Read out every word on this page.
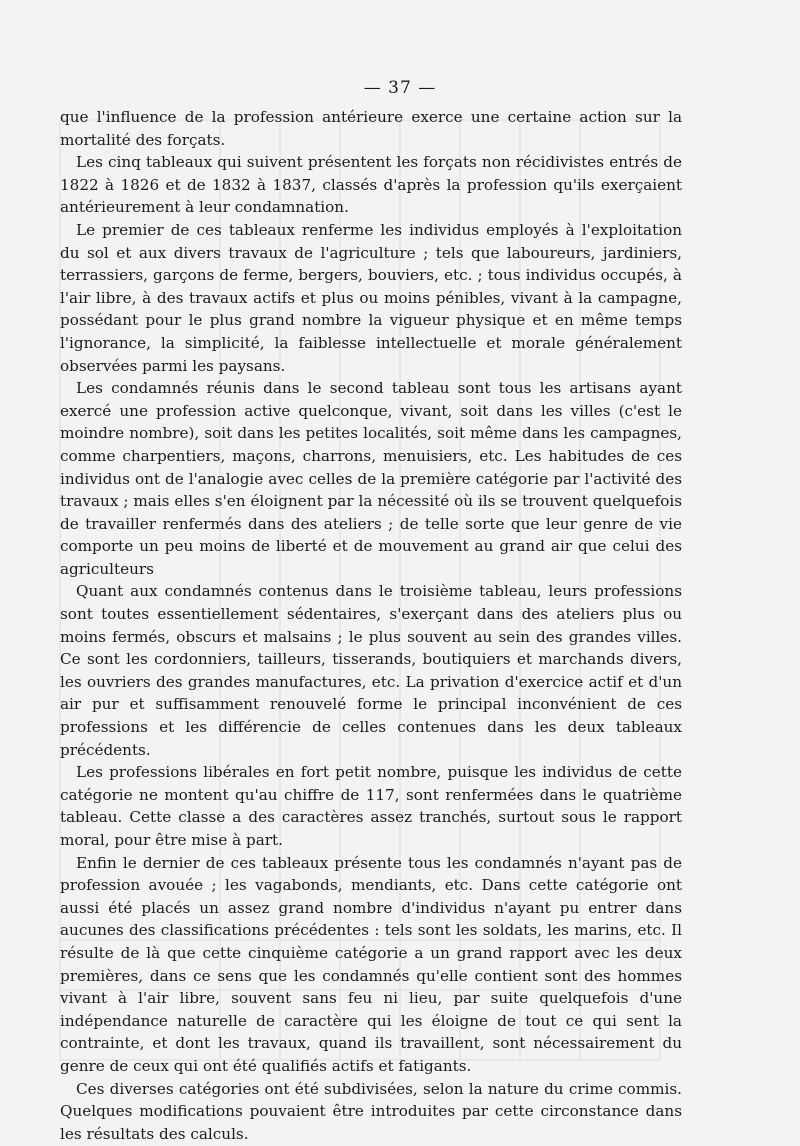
— 37 —

que l'influence de la profession antérieure exerce une certaine action sur la mortalité des forçats.

Les cinq tableaux qui suivent présentent les forçats non récidivistes entrés de 1822 à 1826 et de 1832 à 1837, classés d'après la profession qu'ils exerçaient antérieurement à leur condamnation.

Le premier de ces tableaux renferme les individus employés à l'exploitation du sol et aux divers travaux de l'agriculture ; tels que laboureurs, jardiniers, terrassiers, garçons de ferme, bergers, bouviers, etc. ; tous individus occupés, à l'air libre, à des travaux actifs et plus ou moins pénibles, vivant à la campagne, possédant pour le plus grand nombre la vigueur physique et en même temps l'ignorance, la simplicité, la faiblesse intellectuelle et morale généralement observées parmi les paysans.

Les condamnés réunis dans le second tableau sont tous les artisans ayant exercé une profession active quelconque, vivant, soit dans les villes (c'est le moindre nombre), soit dans les petites localités, soit même dans les campagnes, comme charpentiers, maçons, charrons, menuisiers, etc. Les habitudes de ces individus ont de l'analogie avec celles de la première catégorie par l'activité des travaux ; mais elles s'en éloignent par la nécessité où ils se trouvent quelquefois de travailler renfermés dans des ateliers ; de telle sorte que leur genre de vie comporte un peu moins de liberté et de mouvement au grand air que celui des agriculteurs

Quant aux condamnés contenus dans le troisième tableau, leurs professions sont toutes essentiellement sédentaires, s'exerçant dans des ateliers plus ou moins fermés, obscurs et malsains ; le plus souvent au sein des grandes villes. Ce sont les cordonniers, tailleurs, tisserands, boutiquiers et marchands divers, les ouvriers des grandes manufactures, etc. La privation d'exercice actif et d'un air pur et suffisamment renouvelé forme le principal inconvénient de ces professions et les différencie de celles contenues dans les deux tableaux précédents.

Les professions libérales en fort petit nombre, puisque les individus de cette catégorie ne montent qu'au chiffre de 117, sont renfermées dans le quatrième tableau. Cette classe a des caractères assez tranchés, surtout sous le rapport moral, pour être mise à part.

Enfin le dernier de ces tableaux présente tous les condamnés n'ayant pas de profession avouée ; les vagabonds, mendiants, etc. Dans cette catégorie ont aussi été placés un assez grand nombre d'individus n'ayant pu entrer dans aucunes des classifications précédentes : tels sont les soldats, les marins, etc. Il résulte de là que cette cinquième catégorie a un grand rapport avec les deux premières, dans ce sens que les condamnés qu'elle contient sont des hommes vivant à l'air libre, souvent sans feu ni lieu, par suite quelquefois d'une indépendance naturelle de caractère qui les éloigne de tout ce qui sent la contrainte, et dont les travaux, quand ils travaillent, sont nécessairement du genre de ceux qui ont été qualifiés actifs et fatigants.

Ces diverses catégories ont été subdivisées, selon la nature du crime commis. Quelques modifications pouvaient être introduites par cette circonstance dans les résultats des calculs.
